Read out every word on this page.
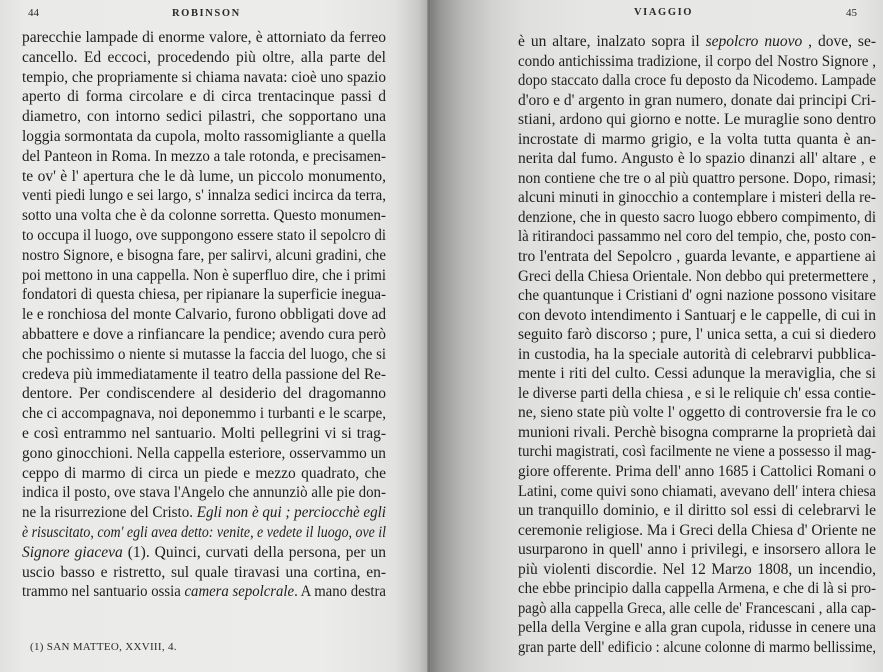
44	ROBINSON	VIAGGIO	45
parecchie lampade di enorme valore, è attorniato da ferreo
cancello. Ed eccoci, procedendo più oltre, alla parte del
tempio, che propriamente si chiama navata: cioè uno spazio
aperto di forma circolare e di circa trentacinque passi d
diametro, con intorno sedici pilastri, che sopportano una
loggia sormontata da cupola, molto rassomigliante a quella
del Panteon in Roma. In mezzo a tale rotonda, e precisamen-
te ov' è l' apertura che le dà lume, un piccolo monumento,
venti piedi lungo e sei largo, s' innalza sedici incirca da terra,
sotto una volta che è da colonne sorretta. Questo monumen-
to occupa il luogo, ove suppongono essere stato il sepolcro di
nostro Signore, e bisogna fare, per salirvi, alcuni gradini, che
poi mettono in una cappella. Non è superfluo dire, che i primi
fondatori di questa chiesa, per ripianare la superficie inegua-
le e ronchiosa del monte Calvario, furono obbligati dove ad
abbattere e dove a rinfiancare la pendice; avendo cura però
che pochissimo o niente si mutasse la faccia del luogo, che si
credeva più immediatamente il teatro della passione del Re-
dentore. Per condiscendere al desiderio del dragomanno
che ci accompagnava, noi deponemmo i turbanti e le scarpe,
e così entrammo nel santuario. Molti pellegrini vi si trag-
gono ginocchioni. Nella cappella esteriore, osservammo un
ceppo di marmo di circa un piede e mezzo quadrato, che
indica il posto, ove stava l'Angelo che annunziò alle pie don-
ne la risurrezione del Cristo. Egli non è qui ; perciocchè egli
è risuscitato, com' egli avea detto: venite, e vedete il luogo, ove il
Signore giaceva (1). Quinci, curvati della persona, per un
uscio basso e ristretto, sul quale tiravasi una cortina, en-
trammo nel santuario ossia camera sepolcrale. A mano destra
(1) SAN MATTEO, XXVIII, 4.
è un altare, inalzato sopra il sepolcro nuovo , dove, se-
condo antichissima tradizione, il corpo del Nostro Signore ,
dopo staccato dalla croce fu deposto da Nicodemo. Lampade
d'oro e d' argento in gran numero, donate dai principi Cri-
stiani, ardono qui giorno e notte. Le muraglie sono dentro
incrostate di marmo grigio, e la volta tutta quanta è an-
nerita dal fumo. Angusto è lo spazio dinanzi all' altare , e
non contiene che tre o al più quattro persone. Dopo, rimasi;
alcuni minuti in ginocchio a contemplare i misteri della re-
denzione, che in questo sacro luogo ebbero compimento, di
là ritirandoci passammo nel coro del tempio, che, posto con-
tro l'entrata del Sepolcro , guarda levante, e appartiene ai
Greci della Chiesa Orientale. Non debbo qui pretermettere ,
che quantunque i Cristiani d' ogni nazione possono visitare
con devoto intendimento i Santuarj e le cappelle, di cui in
seguito farò discorso ; pure, l' unica setta, a cui si diedero
in custodia, ha la speciale autorità di celebrarvi pubblica-
mente i riti del culto. Cessi adunque la meraviglia, che si
le diverse parti della chiesa , e si le reliquie ch' essa contie-
ne, sieno state più volte l' oggetto di controversie fra le co
munioni rivali. Perchè bisogna comprarne la proprietà dai
turchi magistrati, così facilmente ne viene a possesso il mag-
giore offerente. Prima dell' anno 1685 i Cattolici Romani o
Latini, come quivi sono chiamati, avevano dell' intera chiesa
un tranquillo dominio, e il diritto sol essi di celebrarvi le
ceremonie religiose. Ma i Greci della Chiesa d' Oriente ne
usurparono in quell' anno i privilegi, e insorsero allora le
più violenti discordie. Nel 12 Marzo 1808, un incendio,
che ebbe principio dalla cappella Armena, e che di là si pro-
pagò alla cappella Greca, alle celle de' Francescani , alla cap-
pella della Vergine e alla gran cupola, ridusse in cenere una
gran parte dell' edificio : alcune colonne di marmo bellissime,
